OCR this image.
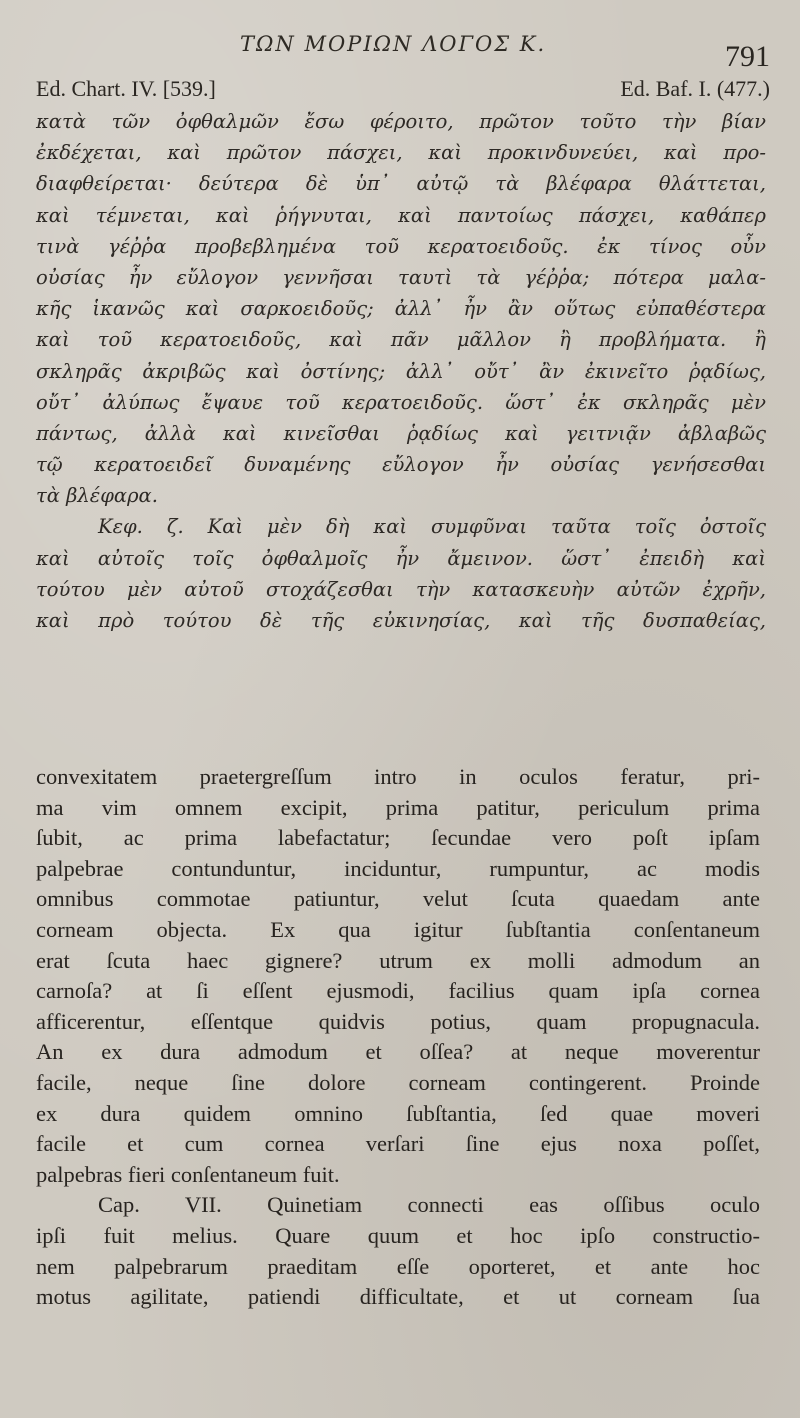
ΤΩΝ ΜΟΡΙΩΝ ΛΟΓΟΣ Κ.	791
Ed. Chart. IV. [539.]	Ed. Baf. I. (477.)
κατὰ τῶν ὀφθαλμῶν ἔσω φέροιτο, πρῶτον τοῦτο τὴν βίαν
ἐκδέχεται, καὶ πρῶτον πάσχει, καὶ προκινδυνεύει, καὶ προ-
διαφθείρεται· δεύτερα δὲ ὑπ᾽ αὐτῷ τὰ βλέφαρα θλάττεται,
καὶ τέμνεται, καὶ ῥήγνυται, καὶ παντοίως πάσχει, καθάπερ
τινὰ γέῤῥα προβεβλημένα τοῦ κερατοειδοῦς. ἐκ τίνος οὖν
οὐσίας ἦν εὔλογον γεννῆσαι ταυτὶ τὰ γέῤῥα; πότερα μαλα-
κῆς ἱκανῶς καὶ σαρκοειδοῦς; ἀλλ᾽ ἦν ἂν οὕτως εὐπαθέστερα
καὶ τοῦ κερατοειδοῦς, καὶ πᾶν μᾶλλον ἢ προβλήματα. ἢ
σκληρᾶς ἀκριβῶς καὶ ὀστίνης; ἀλλ᾽ οὔτ᾽ ἂν ἐκινεῖτο ῥᾳδίως,
οὔτ᾽ ἀλύπως ἔψαυε τοῦ κερατοειδοῦς. ὥστ᾽ ἐκ σκληρᾶς μὲν
πάντως, ἀλλὰ καὶ κινεῖσθαι ῥᾳδίως καὶ γειτνιᾷν ἀβλαβῶς
τῷ κερατοειδεῖ δυναμένης εὔλογον ἦν οὐσίας γενήσεσθαι
τὰ βλέφαρα.
Κεφ. ζ. Καὶ μὲν δὴ καὶ συμφῦναι ταῦτα τοῖς ὀστοῖς
καὶ αὐτοῖς τοῖς ὀφθαλμοῖς ἦν ἄμεινον. ὥστ᾽ ἐπειδὴ καὶ
τούτου μὲν αὐτοῦ στοχάζεσθαι τὴν κατασκευὴν αὐτῶν ἐχρῆν,
καὶ πρὸ τούτου δὲ τῆς εὐκινησίας, καὶ τῆς δυσπαθείας,
convexitatem praetergreſſum intro in oculos feratur, pri-
ma vim omnem excipit, prima patitur, periculum prima
ſubit, ac prima labefactatur; ſecundae vero poſt ipſam
palpebrae contunduntur, inciduntur, rumpuntur, ac modis
omnibus commotae patiuntur, velut ſcuta quaedam ante
corneam objecta. Ex qua igitur ſubſtantia conſentaneum
erat ſcuta haec gignere? utrum ex molli admodum an
carnoſa? at ſi eſſent ejusmodi, facilius quam ipſa cornea
afficerentur, eſſentque quidvis potius, quam propugnacula.
An ex dura admodum et oſſea? at neque moverentur
facile, neque ſine dolore corneam contingerent. Proinde
ex dura quidem omnino ſubſtantia, ſed quae moveri
facile et cum cornea verſari ſine ejus noxa poſſet,
palpebras fieri conſentaneum fuit.
Cap. VII. Quinetiam connecti eas oſſibus oculo
ipſi fuit melius. Quare quum et hoc ipſo constructio-
nem palpebrarum praeditam eſſe oporteret, et ante hoc
motus agilitate, patiendi difficultate, et ut corneam ſua
